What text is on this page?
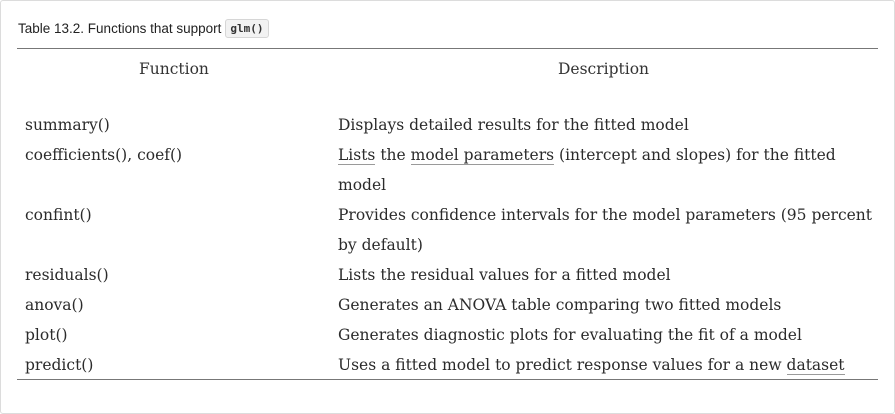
Table 13.2. Functions that support glm()
Function	Description
summary()	Displays detailed results for the fitted model
coefficients(), coef()	Lists the model parameters (intercept and slopes) for the fitted model
confint()	Provides confidence intervals for the model parameters (95 percent by default)
residuals()	Lists the residual values for a fitted model
anova()	Generates an ANOVA table comparing two fitted models
plot()	Generates diagnostic plots for evaluating the fit of a model
predict()	Uses a fitted model to predict response values for a new dataset
